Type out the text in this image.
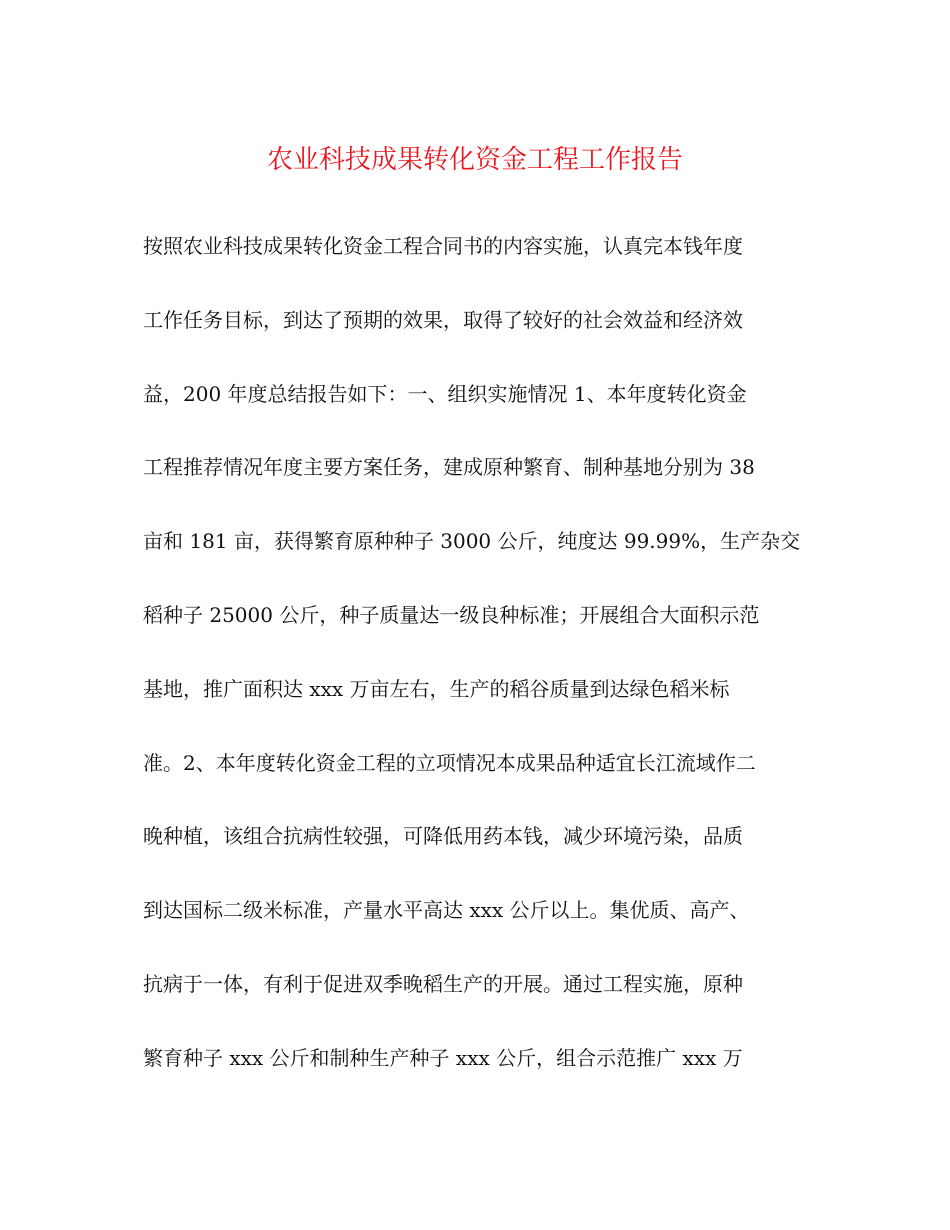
农业科技成果转化资金工程工作报告
按照农业科技成果转化资金工程合同书的内容实施，认真完本钱年度
工作任务目标，到达了预期的效果，取得了较好的社会效益和经济效
益，200 年度总结报告如下：一、组织实施情况 1、本年度转化资金
工程推荐情况年度主要方案任务，建成原种繁育、制种基地分别为 38
亩和 181 亩，获得繁育原种种子 3000 公斤，纯度达 99.99%，生产杂交
稻种子 25000 公斤，种子质量达一级良种标准；开展组合大面积示范
基地，推广面积达 xxx 万亩左右，生产的稻谷质量到达绿色稻米标
准。2、本年度转化资金工程的立项情况本成果品种适宜长江流域作二
晚种植，该组合抗病性较强，可降低用药本钱，减少环境污染，品质
到达国标二级米标准，产量水平高达 xxx 公斤以上。集优质、高产、
抗病于一体，有利于促进双季晚稻生产的开展。通过工程实施，原种
繁育种子 xxx 公斤和制种生产种子 xxx 公斤，组合示范推广 xxx 万
